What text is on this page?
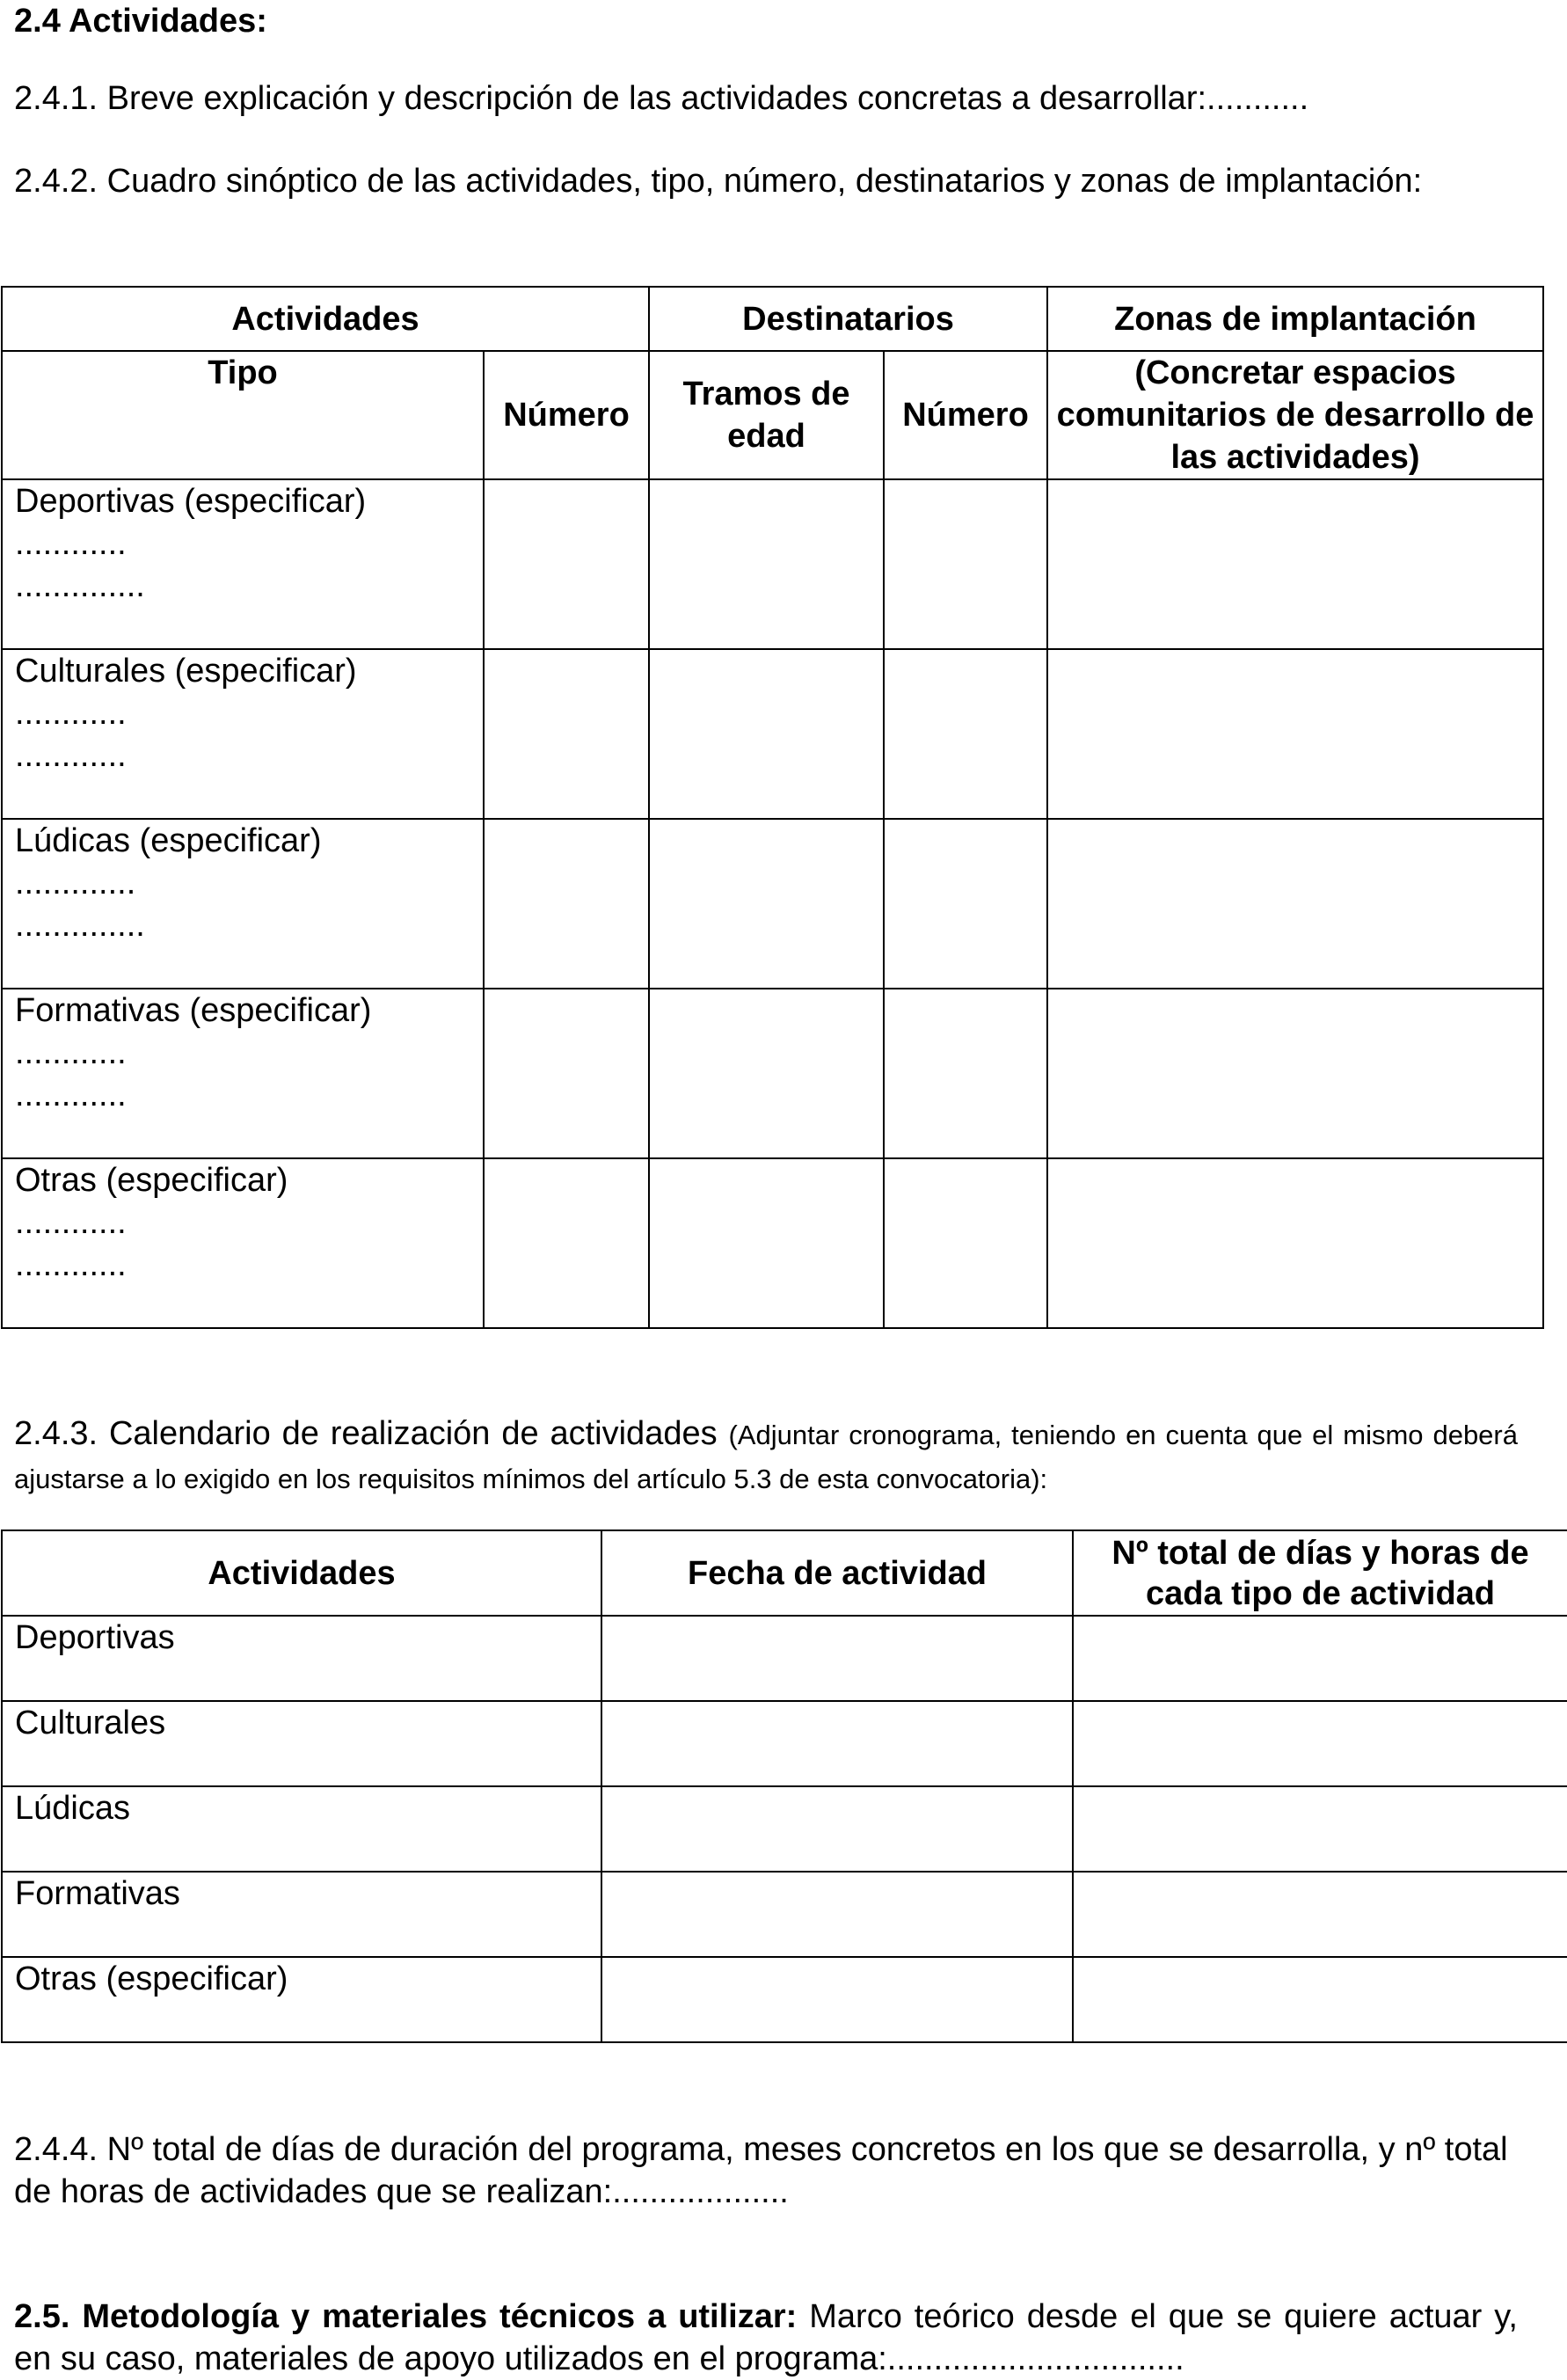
2.4 Actividades:
2.4.1. Breve explicación y descripción de las actividades concretas a desarrollar:...........
2.4.2. Cuadro sinóptico de las actividades, tipo, número, destinatarios y zonas de implantación:
Actividades		Destinatarios		Zonas de implantación
Tipo	Número	Tramos de edad	Número	(Concretar espacios comunitarios de desarrollo de las actividades)

Deportivas (especificar)
............
..............				

Culturales (especificar)
............
............				

Lúdicas (especificar)
.............
..............				

Formativas (especificar)
............
............				

Otras (especificar)
............
............				

2.4.3. Calendario de realización de actividades (Adjuntar cronograma, teniendo en cuenta que el mismo deberá ajustarse a lo exigido en los requisitos mínimos del artículo 5.3 de esta convocatoria):
Actividades	Fecha de actividad	Nº total de días y horas de cada tipo de actividad
Deportivas		
Culturales		
Lúdicas		
Formativas		
Otras (especificar)		
2.4.4. Nº total de días de duración del programa, meses concretos en los que se desarrolla, y nº total de horas de actividades que se realizan:...................
2.5. Metodología y materiales técnicos a utilizar: Marco teórico desde el que se quiere actuar y, en su caso, materiales de apoyo utilizados en el programa:................................
